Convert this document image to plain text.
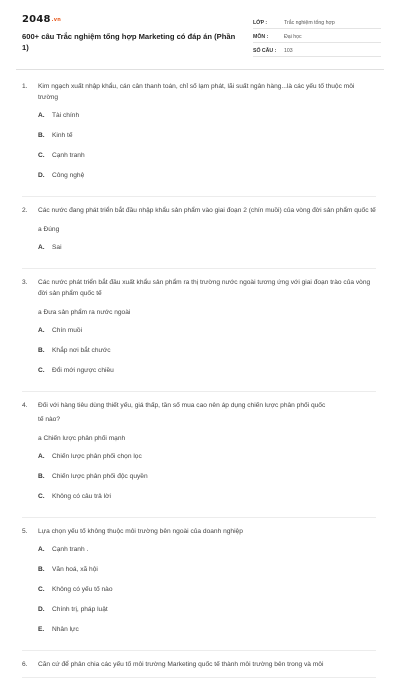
2048.vn
600+ câu Trắc nghiệm tổng hợp Marketing có đáp án (Phần 1)
LỚP :	Trắc nghiệm tổng hợp
MÔN :	Đại học
SỐ CÂU :	103
1.	Kim ngạch xuất nhập khẩu, cán cân thanh toán, chỉ số lạm phát, lãi suất ngân hàng...là các yếu tố thuộc môi trường
A.	Tài chính
B.	Kinh tế
C.	Cạnh tranh
D.	Công nghệ
2.	Các nước đang phát triển bắt đầu nhập khẩu sản phẩm vào giai đoạn 2 (chín muồi) của vòng đời sản phẩm quốc tế
a Đúng
A.	Sai
3.	Các nước phát triển bắt đầu xuất khẩu sản phẩm ra thị trường nước ngoài tương ứng với giai đoạn trào của vòng đời sản phẩm quốc tế
a Đưa sản phẩm ra nước ngoài
A.	Chín muồi
B.	Khắp nơi bắt chước
C.	Đổi mới ngược chiều
4.	Đối với hàng tiêu dùng thiết yếu, giá thấp, tần số mua cao nên áp dụng chiến lược phân phối quốc
tế nào?
a Chiến lược phân phối mạnh
A.	Chiến lược phân phối chọn lọc
B.	Chiến lược phân phối độc quyền
C.	Không có câu trả lời
5.	Lựa chọn yếu tố không thuộc môi trường bên ngoài của doanh nghiệp
A.	Cạnh tranh .
B.	Văn hoá, xã hội
C.	Không có yếu tố nào
D.	Chính trị, pháp luật
E.	Nhân lực
6.	Căn cứ để phân chia các yếu tố môi trường Marketing quốc tế thành môi trường bên trong và môi
